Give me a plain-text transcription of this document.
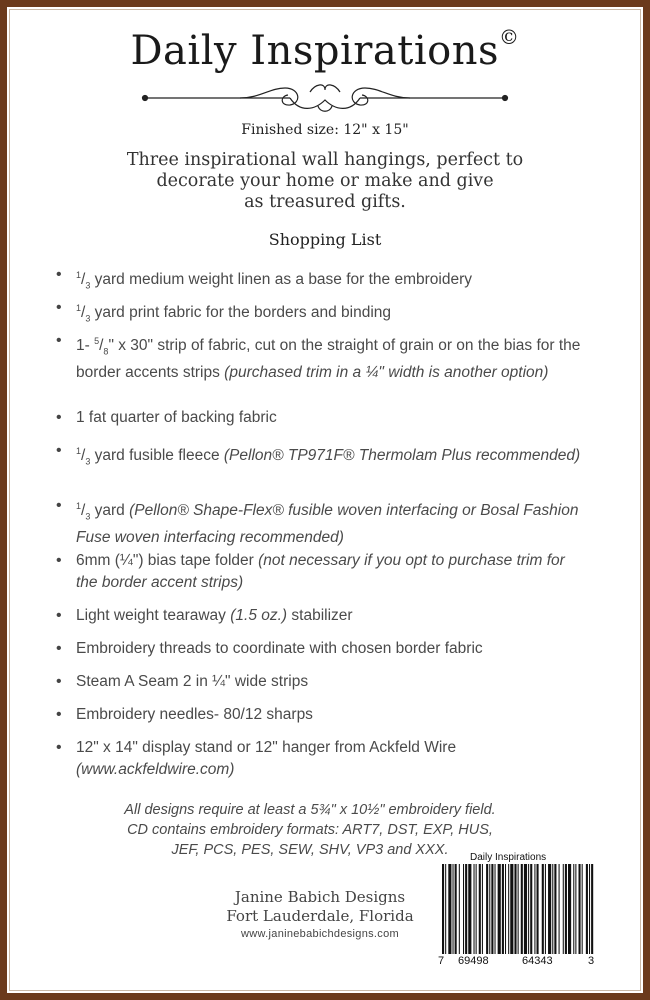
Daily Inspirations©
Finished size: 12" x 15"
Three inspirational wall hangings, perfect to
decorate your home or make and give
as treasured gifts.
Shopping List
• $^1/_3$ yard medium weight linen as a base for the embroidery
• $^1/_3$ yard print fabric for the borders and binding
• 1- $^5/_8$" x 30" strip of fabric, cut on the straight of grain or on the bias for the border accents strips (purchased trim in a ¼" width is another option)
• 1 fat quarter of backing fabric
• $^1/_3$ yard fusible fleece (Pellon® TP971F® Thermolam Plus recommended)
• $^1/_3$ yard (Pellon® Shape-Flex® fusible woven interfacing or Bosal Fashion Fuse woven interfacing recommended)
• 6mm (¼") bias tape folder (not necessary if you opt to purchase trim for the border accent strips)
• Light weight tearaway (1.5 oz.) stabilizer
• Embroidery threads to coordinate with chosen border fabric
• Steam A Seam 2 in ¼" wide strips
• Embroidery needles- 80/12 sharps
• 12" x 14" display stand or 12" hanger from Ackfeld Wire (www.ackfeldwire.com)
All designs require at least a 5¾" x 10½" embroidery field.
CD contains embroidery formats: ART7, DST, EXP, HUS,
JEF, PCS, PES, SEW, SHV, VP3 and XXX.
Janine Babich Designs
Fort Lauderdale, Florida
www.janinebabichdesigns.com
Daily Inspirations
7 69498	64343	3
